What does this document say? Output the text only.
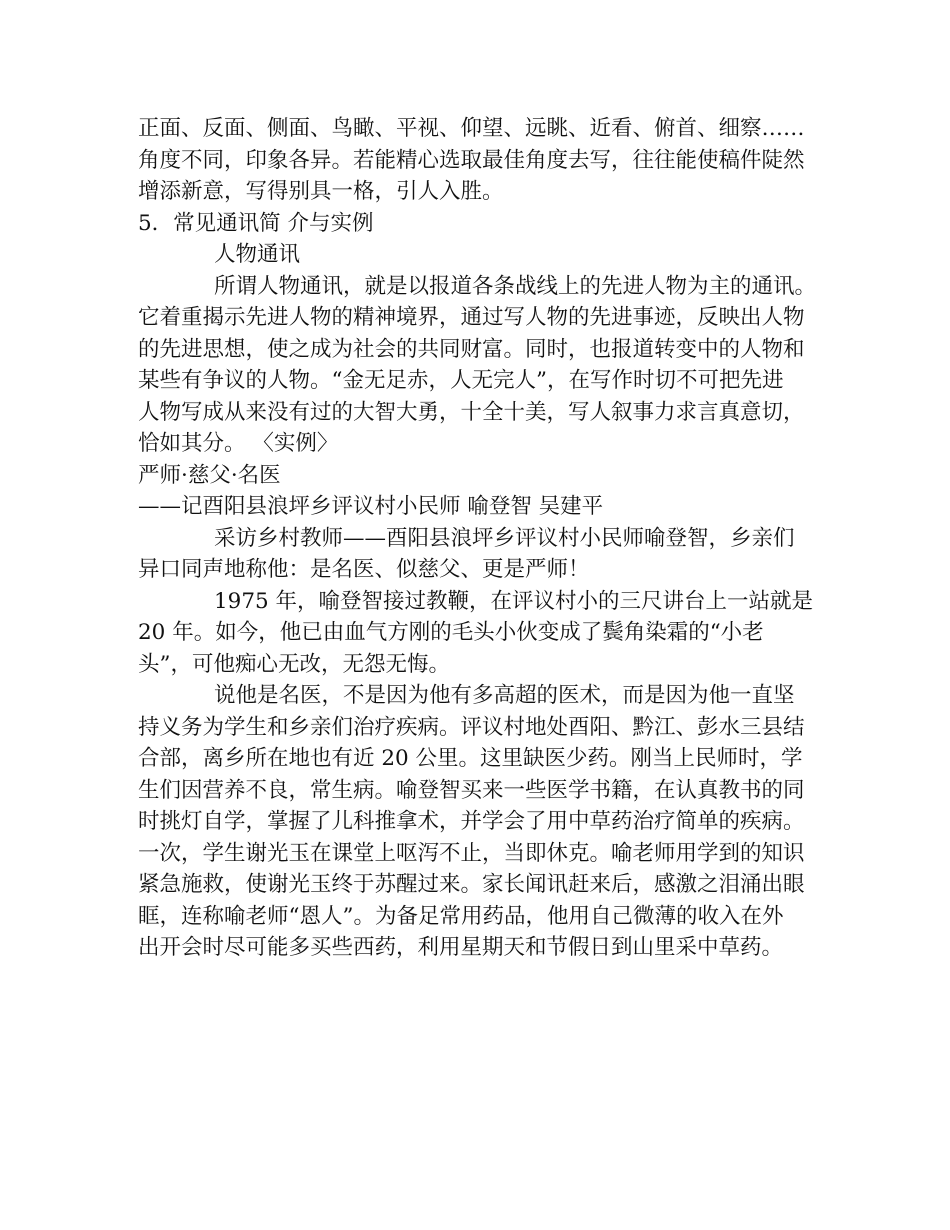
正面、反面、侧面、鸟瞰、平视、仰望、远眺、近看、俯首、细察……

角度不同，印象各异。若能精心选取最佳角度去写，往往能使稿件陡然

增添新意，写得别具一格，引人入胜。

5．常见通讯简 介与实例

人物通讯

所谓人物通讯，就是以报道各条战线上的先进人物为主的通讯。

它着重揭示先进人物的精神境界，通过写人物的先进事迹，反映出人物

的先进思想，使之成为社会的共同财富。同时，也报道转变中的人物和

某些有争议的人物。“金无足赤，人无完人”，在写作时切不可把先进

人物写成从来没有过的大智大勇，十全十美，写人叙事力求言真意切，

恰如其分。 〈实例〉

严师·慈父·名医

——记酉阳县浪坪乡评议村小民师 喻登智 吴建平

采访乡村教师——酉阳县浪坪乡评议村小民师喻登智，乡亲们

异口同声地称他：是名医、似慈父、更是严师！

1975 年，喻登智接过教鞭，在评议村小的三尺讲台上一站就是

20 年。如今，他已由血气方刚的毛头小伙变成了鬓角染霜的“小老

头”，可他痴心无改，无怨无悔。

说他是名医，不是因为他有多高超的医术，而是因为他一直坚

持义务为学生和乡亲们治疗疾病。评议村地处酉阳、黔江、彭水三县结

合部，离乡所在地也有近 20 公里。这里缺医少药。刚当上民师时，学

生们因营养不良，常生病。喻登智买来一些医学书籍，在认真教书的同

时挑灯自学，掌握了儿科推拿术，并学会了用中草药治疗简单的疾病。

一次，学生谢光玉在课堂上呕泻不止，当即休克。喻老师用学到的知识

紧急施救，使谢光玉终于苏醒过来。家长闻讯赶来后，感激之泪涌出眼

眶，连称喻老师“恩人”。为备足常用药品，他用自己微薄的收入在外

出开会时尽可能多买些西药，利用星期天和节假日到山里采中草药。
